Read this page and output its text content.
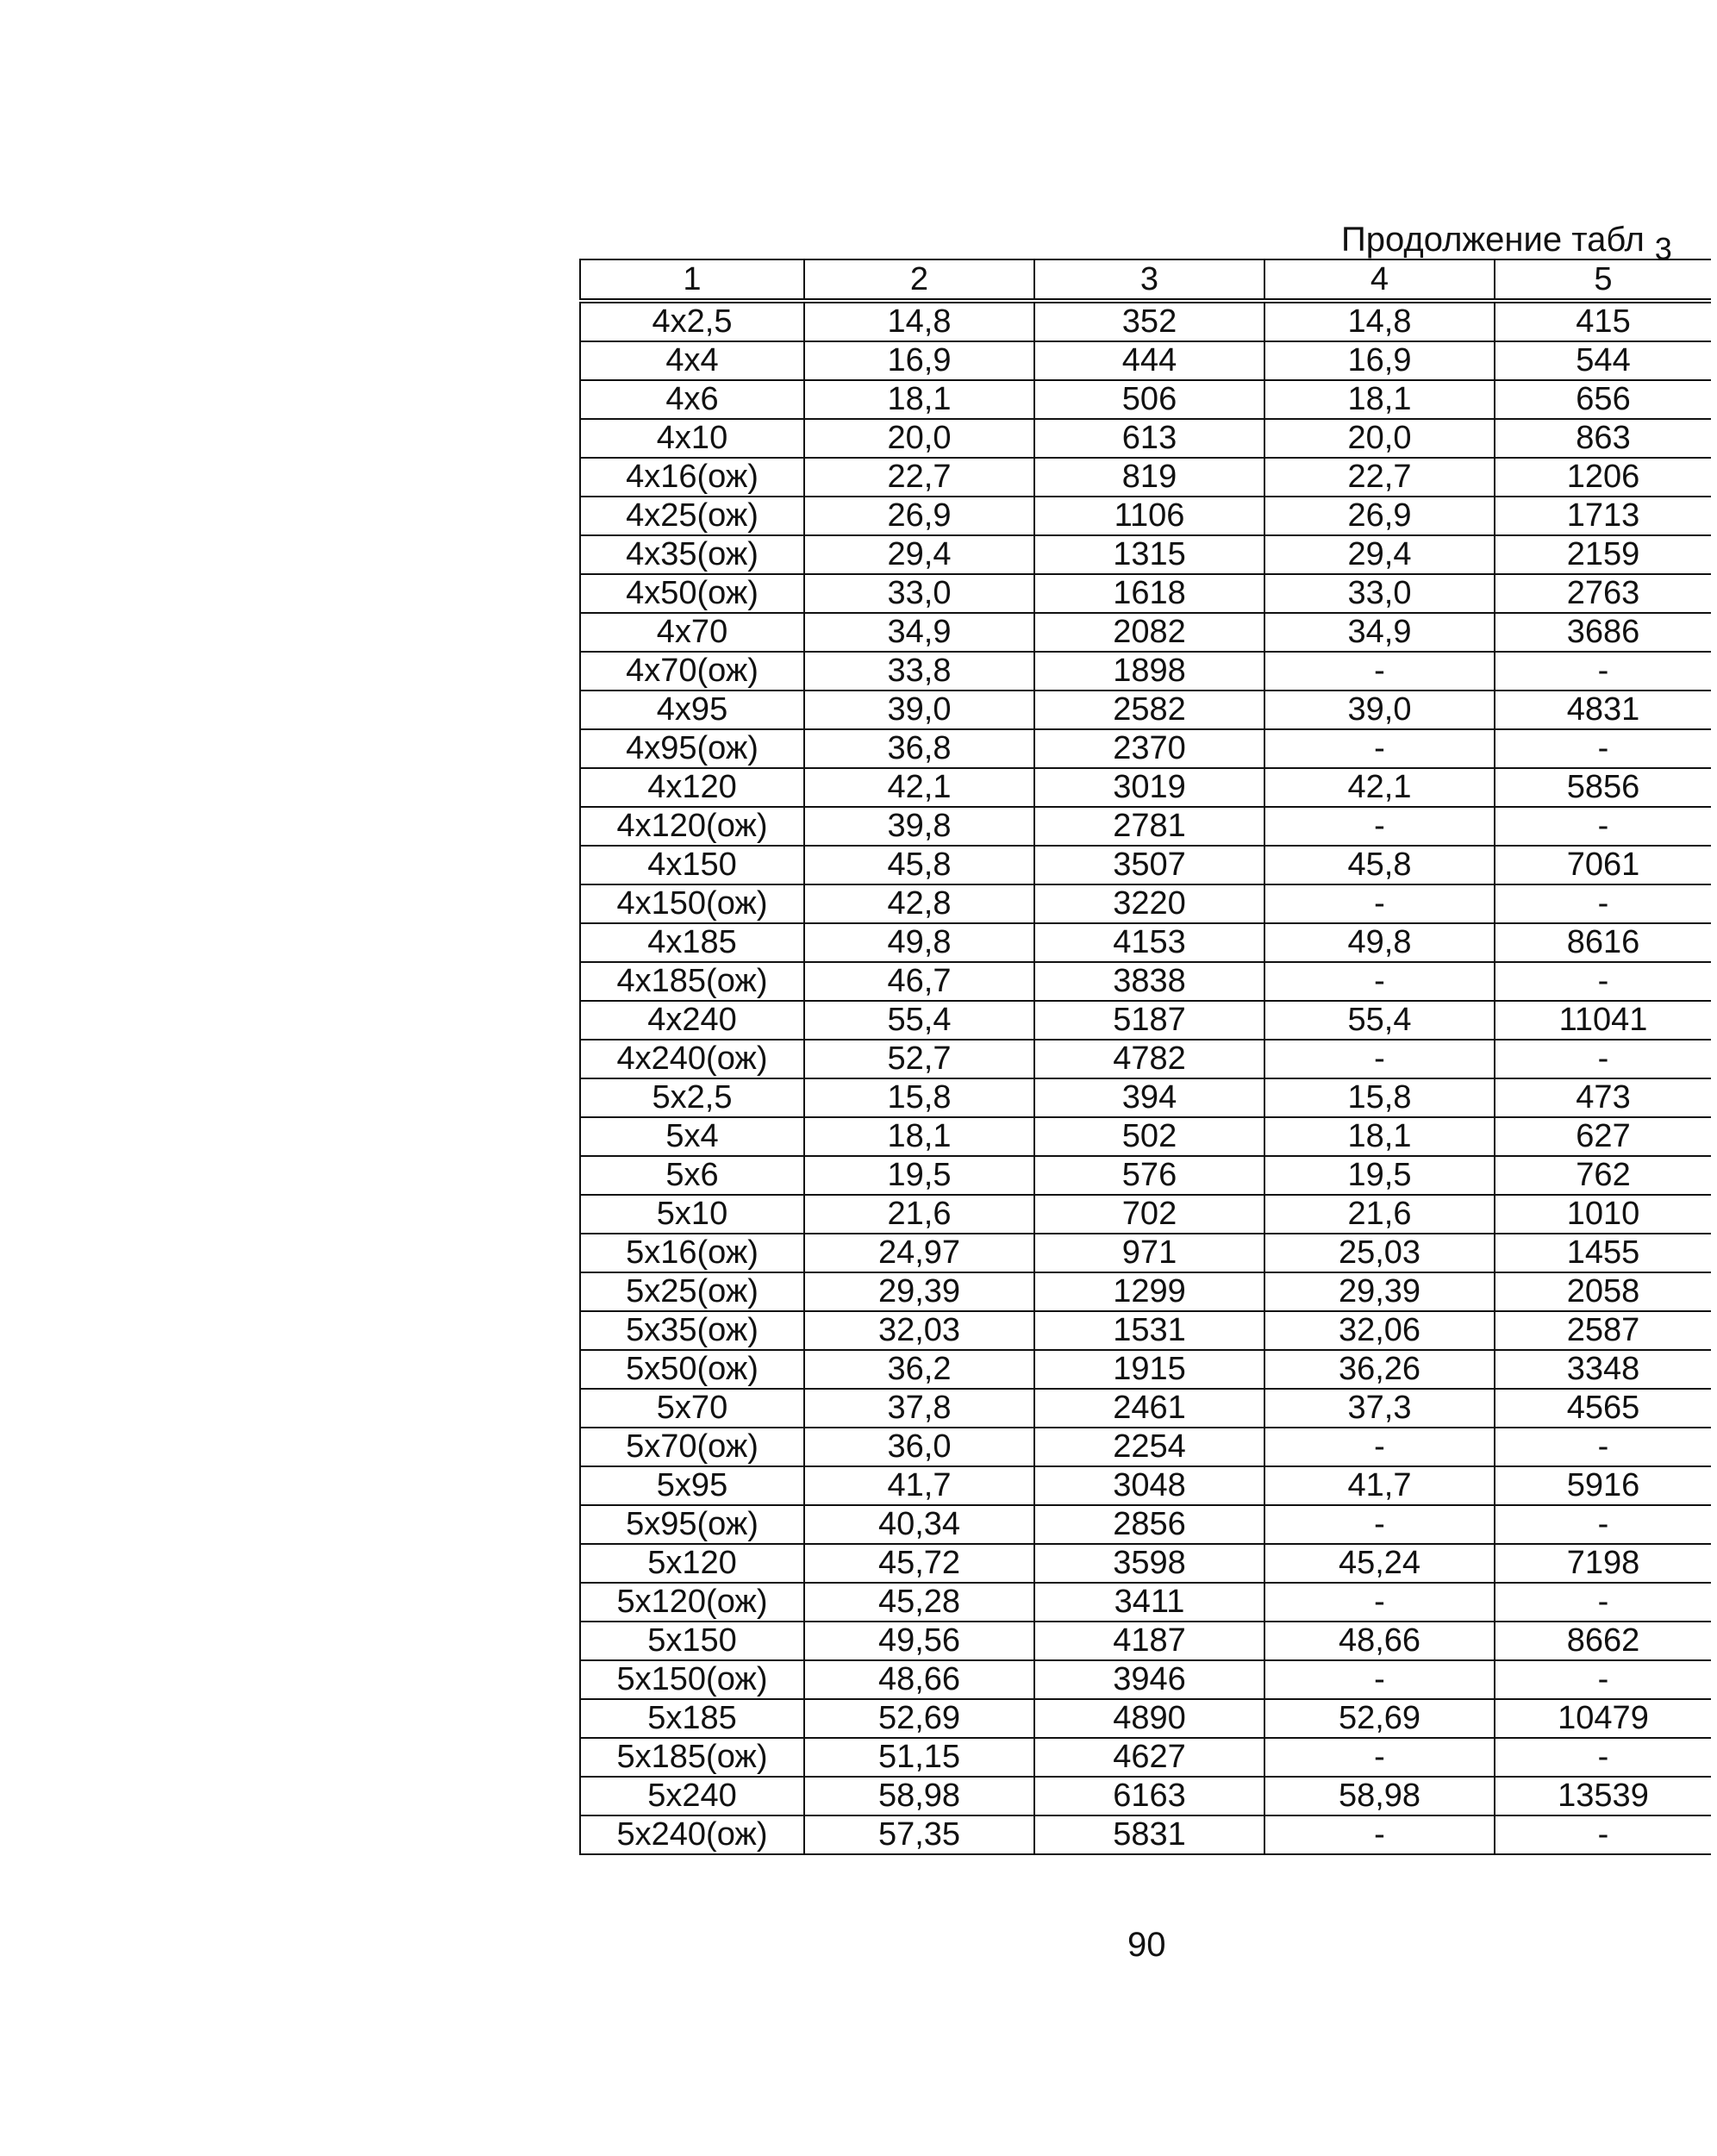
Продолжение табл 3
1	2	3	4	5
4x2,5	14,8	352	14,8	415
4x4	16,9	444	16,9	544
4x6	18,1	506	18,1	656
4x10	20,0	613	20,0	863
4x16(ож)	22,7	819	22,7	1206
4x25(ож)	26,9	1106	26,9	1713
4x35(ож)	29,4	1315	29,4	2159
4x50(ож)	33,0	1618	33,0	2763
4x70	34,9	2082	34,9	3686
4x70(ож)	33,8	1898	-	-
4x95	39,0	2582	39,0	4831
4x95(ож)	36,8	2370	-	-
4x120	42,1	3019	42,1	5856
4x120(ож)	39,8	2781	-	-
4x150	45,8	3507	45,8	7061
4x150(ож)	42,8	3220	-	-
4x185	49,8	4153	49,8	8616
4x185(ож)	46,7	3838	-	-
4x240	55,4	5187	55,4	11041
4x240(ож)	52,7	4782	-	-
5x2,5	15,8	394	15,8	473
5x4	18,1	502	18,1	627
5x6	19,5	576	19,5	762
5x10	21,6	702	21,6	1010
5x16(ож)	24,97	971	25,03	1455
5x25(ож)	29,39	1299	29,39	2058
5x35(ож)	32,03	1531	32,06	2587
5x50(ож)	36,2	1915	36,26	3348
5x70	37,8	2461	37,3	4565
5x70(ож)	36,0	2254	-	-
5x95	41,7	3048	41,7	5916
5x95(ож)	40,34	2856	-	-
5x120	45,72	3598	45,24	7198
5x120(ож)	45,28	3411	-	-
5x150	49,56	4187	48,66	8662
5x150(ож)	48,66	3946	-	-
5x185	52,69	4890	52,69	10479
5x185(ож)	51,15	4627	-	-
5x240	58,98	6163	58,98	13539
5x240(ож)	57,35	5831	-	-
90
